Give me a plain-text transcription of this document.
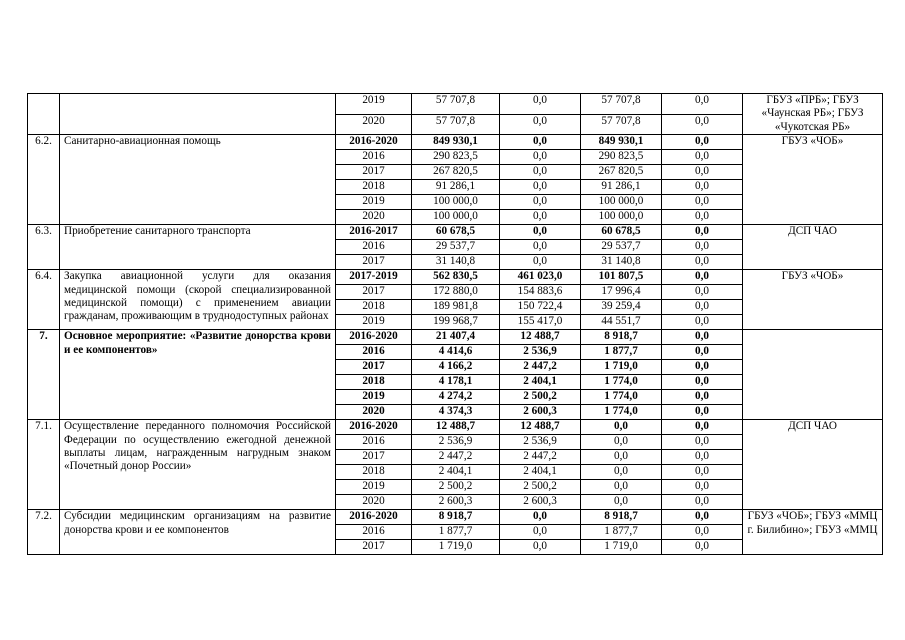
		2019	57 707,8	0,0	57 707,8	0,0	ГБУЗ «ПРБ»; ГБУЗ «Чаунская РБ»; ГБУЗ «Чукотская РБ»
		2020	57 707,8	0,0	57 707,8	0,0	
6.2.	Санитарно-авиационная помощь	2016-2020	849 930,1	0,0	849 930,1	0,0	ГБУЗ «ЧОБ»
		2016	290 823,5	0,0	290 823,5	0,0	
		2017	267 820,5	0,0	267 820,5	0,0	
		2018	91 286,1	0,0	91 286,1	0,0	
		2019	100 000,0	0,0	100 000,0	0,0	
		2020	100 000,0	0,0	100 000,0	0,0	
6.3.	Приобретение санитарного транспорта	2016-2017	60 678,5	0,0	60 678,5	0,0	ДСП ЧАО
		2016	29 537,7	0,0	29 537,7	0,0	
		2017	31 140,8	0,0	31 140,8	0,0	
6.4.	Закупка авиационной услуги для оказания медицинской помощи (скорой специализированной медицинской помощи) с применением авиации гражданам, проживающим в труднодоступных районах	2017-2019	562 830,5	461 023,0	101 807,5	0,0	ГБУЗ «ЧОБ»
		2017	172 880,0	154 883,6	17 996,4	0,0	
		2018	189 981,8	150 722,4	39 259,4	0,0	
		2019	199 968,7	155 417,0	44 551,7	0,0	
7.	Основное мероприятие: «Развитие донорства крови и ее компонентов»	2016-2020	21 407,4	12 488,7	8 918,7	0,0	
		2016	4 414,6	2 536,9	1 877,7	0,0	
		2017	4 166,2	2 447,2	1 719,0	0,0	
		2018	4 178,1	2 404,1	1 774,0	0,0	
		2019	4 274,2	2 500,2	1 774,0	0,0	
		2020	4 374,3	2 600,3	1 774,0	0,0	
7.1.	Осуществление переданного полномочия Российской Федерации по осуществлению ежегодной денежной выплаты лицам, награжденным нагрудным знаком «Почетный донор России»	2016-2020	12 488,7	12 488,7	0,0	0,0	ДСП ЧАО
		2016	2 536,9	2 536,9	0,0	0,0	
		2017	2 447,2	2 447,2	0,0	0,0	
		2018	2 404,1	2 404,1	0,0	0,0	
		2019	2 500,2	2 500,2	0,0	0,0	
		2020	2 600,3	2 600,3	0,0	0,0	
7.2.	Субсидии медицинским организациям на развитие донорства крови и ее компонентов	2016-2020	8 918,7	0,0	8 918,7	0,0	ГБУЗ «ЧОБ»; ГБУЗ «ММЦ г. Билибино»; ГБУЗ «ММЦ
		2016	1 877,7	0,0	1 877,7	0,0	
		2017	1 719,0	0,0	1 719,0	0,0	
